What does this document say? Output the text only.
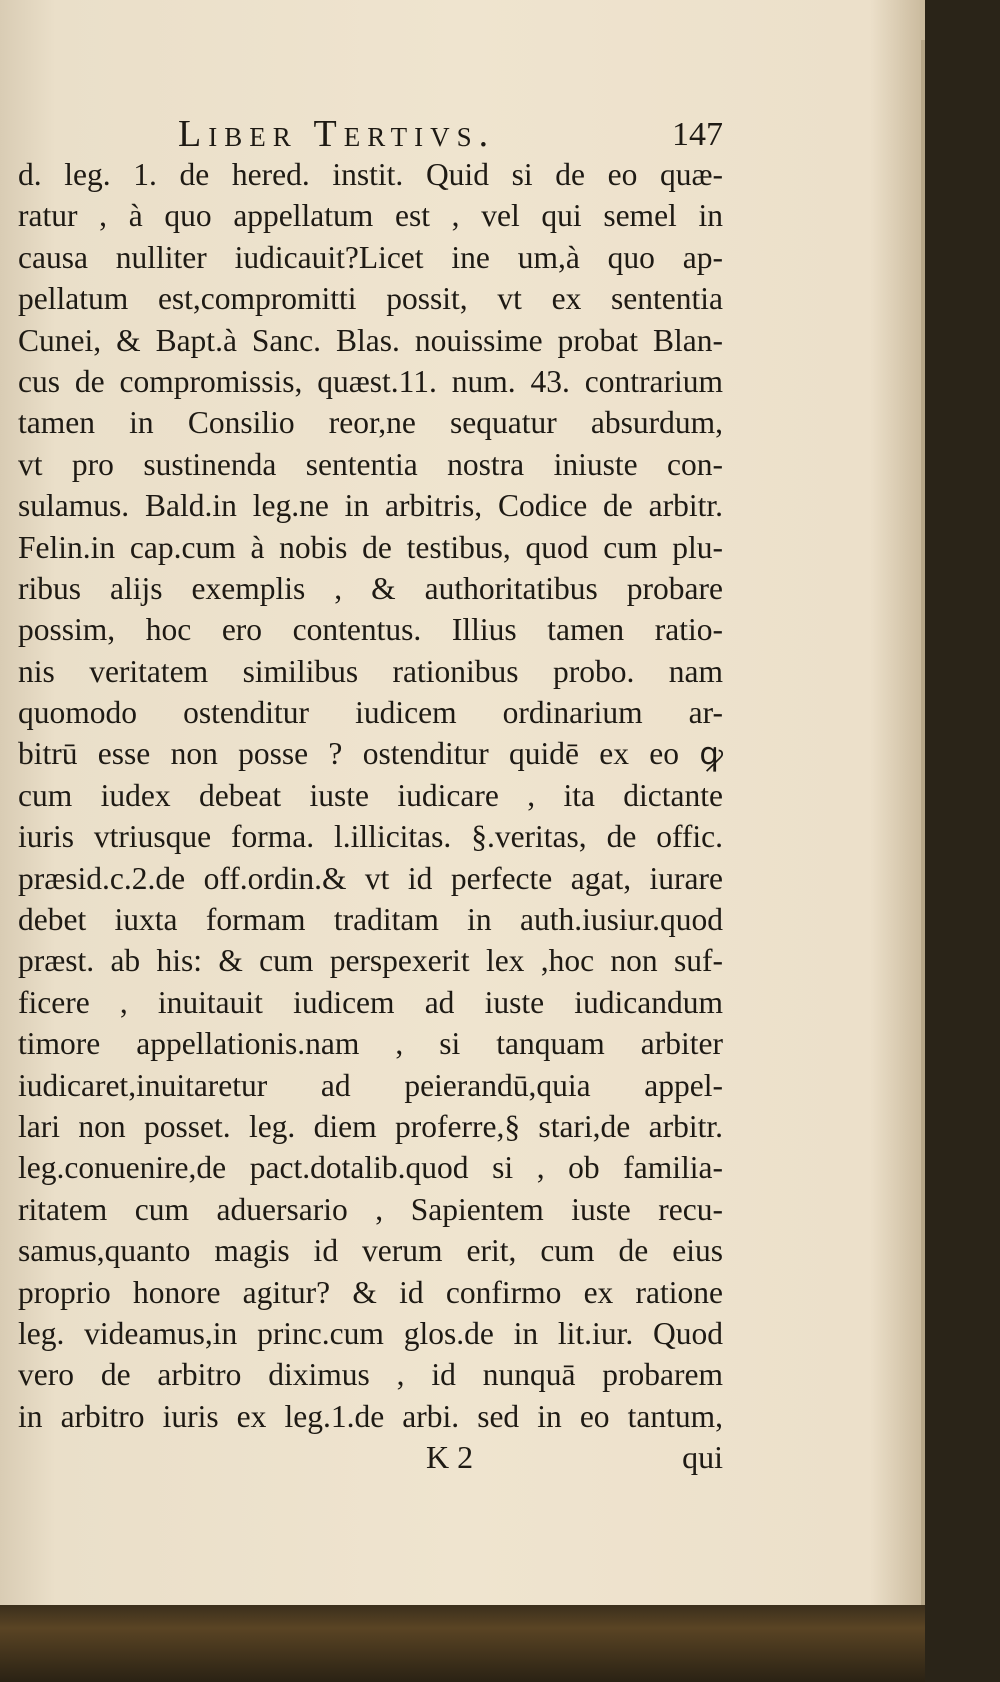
Liber Tertivs.	147
d. leg. 1. de hered. instit. Quid si de eo quæ-
ratur , à quo appellatum est , vel qui semel in
causa nulliter iudicauit?Licet ine um,à quo ap-
pellatum est,compromitti possit, vt ex sententia
Cunei, & Bapt.à Sanc. Blas. nouissime probat Blan-
cus de compromissis, quæst.11. num. 43. contrarium
tamen in Consilio reor,ne sequatur absurdum,
vt pro sustinenda sententia nostra iniuste con-
sulamus. Bald.in leg.ne in arbitris, Codice de arbitr.
Felin.in cap.cum à nobis de testibus, quod cum plu-
ribus alijs exemplis , & authoritatibus probare
possim, hoc ero contentus. Illius tamen ratio-
nis veritatem similibus rationibus probo. nam
quomodo ostenditur iudicem ordinarium ar-
bitrū esse non posse ? ostenditur quidē ex eo ꝙ
cum iudex debeat iuste iudicare , ita dictante
iuris vtriusque forma. l.illicitas. §.veritas, de offic.
præsid.c.2.de off.ordin.& vt id perfecte agat, iurare
debet iuxta formam traditam in auth.iusiur.quod
præst. ab his: & cum perspexerit lex ,hoc non suf-
ficere , inuitauit iudicem ad iuste iudicandum
timore appellationis.nam , si tanquam arbiter
iudicaret,inuitaretur ad peierandū,quia appel-
lari non posset. leg. diem proferre,§ stari,de arbitr.
leg.conuenire,de pact.dotalib.quod si , ob familia-
ritatem cum aduersario , Sapientem iuste recu-
samus,quanto magis id verum erit, cum de eius
proprio honore agitur? & id confirmo ex ratione
leg. videamus,in princ.cum glos.de in lit.iur. Quod
vero de arbitro diximus , id nunquā probarem
in arbitro iuris ex leg.1.de arbi. sed in eo tantum,
K 2	qui
